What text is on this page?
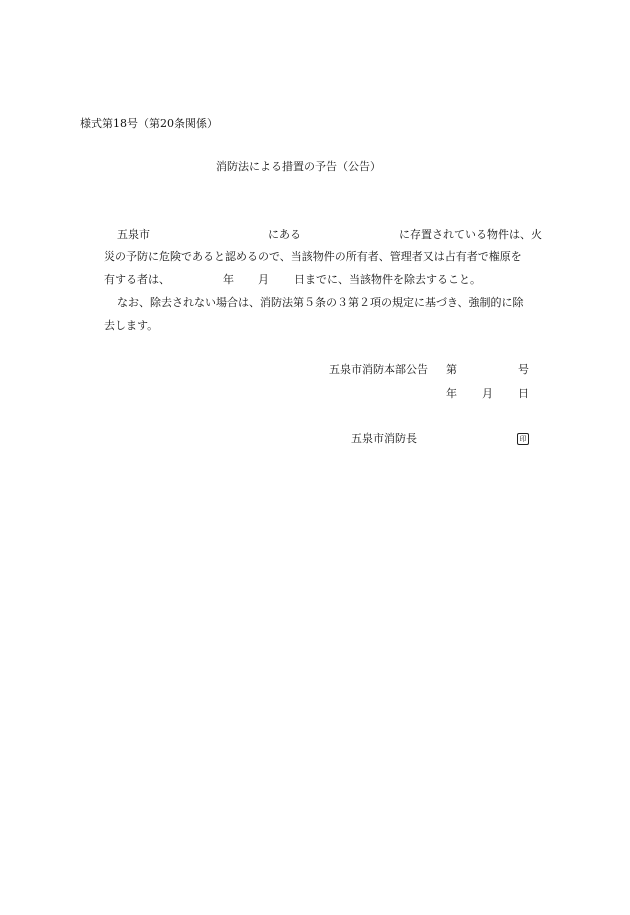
様式第18号（第20条関係）
消防法による措置の予告（公告）
五泉市	にある	に存置されている物件は、火
災の予防に危険であると認めるので、当該物件の所有者、管理者又は占有者で権原を
有する者は、	年 月 日までに、当該物件を除去すること。
なお、除去されない場合は、消防法第５条の３第２項の規定に基づき、強制的に除
去します。
五泉市消防本部公告 第	号
年 月 日
五泉市消防長	印
